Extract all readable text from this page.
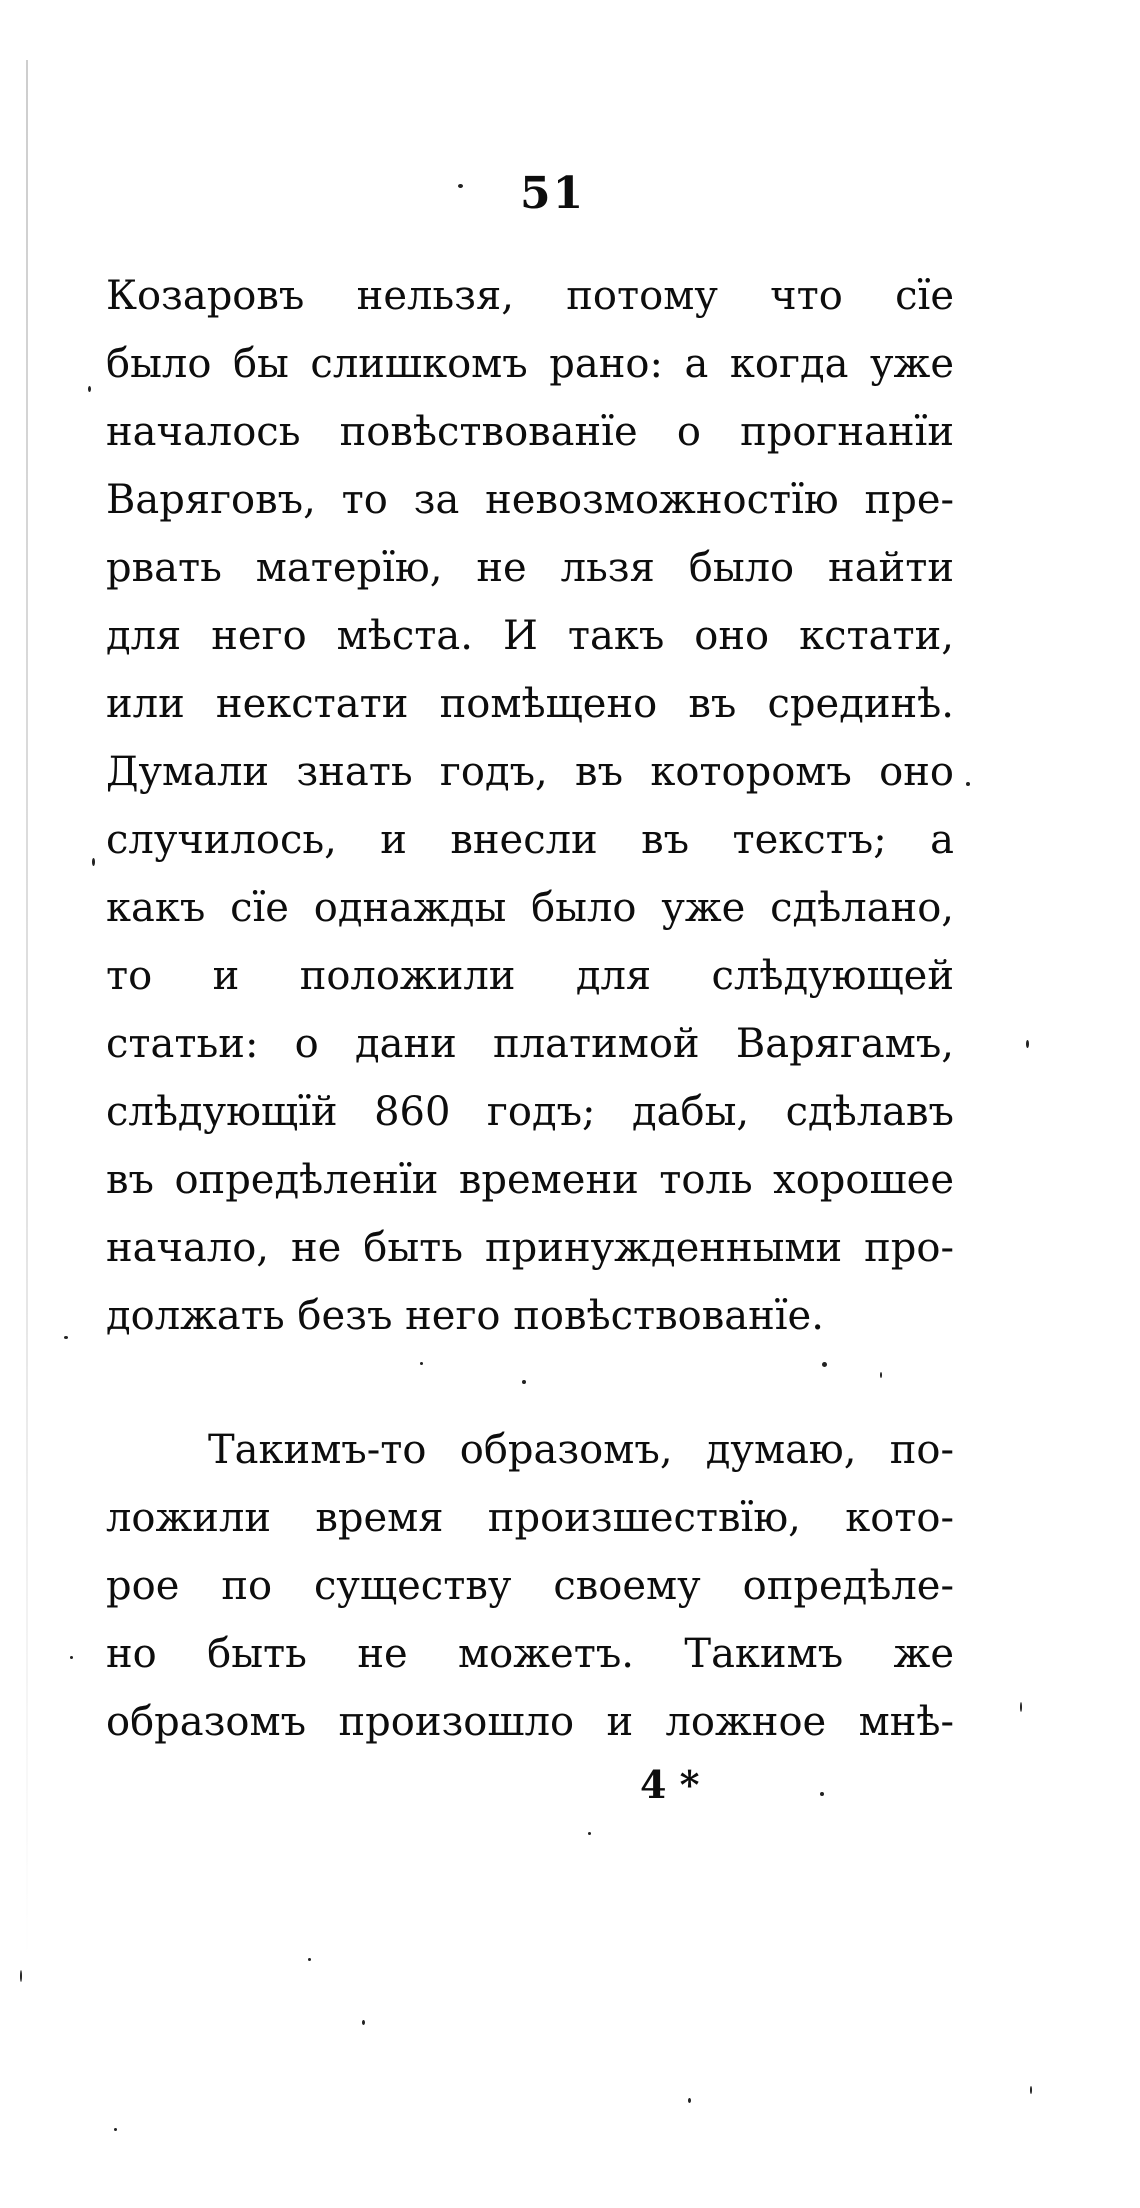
51
Козаровъ нельзя, потому что сїе
было бы слишкомъ рано: а когда уже
началось повѣствованїе о прогнанїи
Варяговъ, то за невозможностїю пре-
рвать матерїю, не льзя было найти
для него мѣста. И такъ оно кстати,
или некстати помѣщено въ срединѣ.
Думали знать годъ, въ которомъ оно
случилось, и внесли въ текстъ; а
какъ сїе однажды было уже сдѣлано,
то и положили для слѣдующей
статьи: о дани платимой Варягамъ,
слѣдующїй 860 годъ; дабы, сдѣлавъ
въ опредѣленїи времени толь хорошее
начало, не быть принужденными про-
должать безъ него повѣствованїе.
Такимъ-то образомъ, думаю, по-
ложили время произшествїю, кото-
рое по существу своему опредѣле-
но быть не можетъ. Такимъ же
образомъ произошло и ложное мнѣ-
4 *
